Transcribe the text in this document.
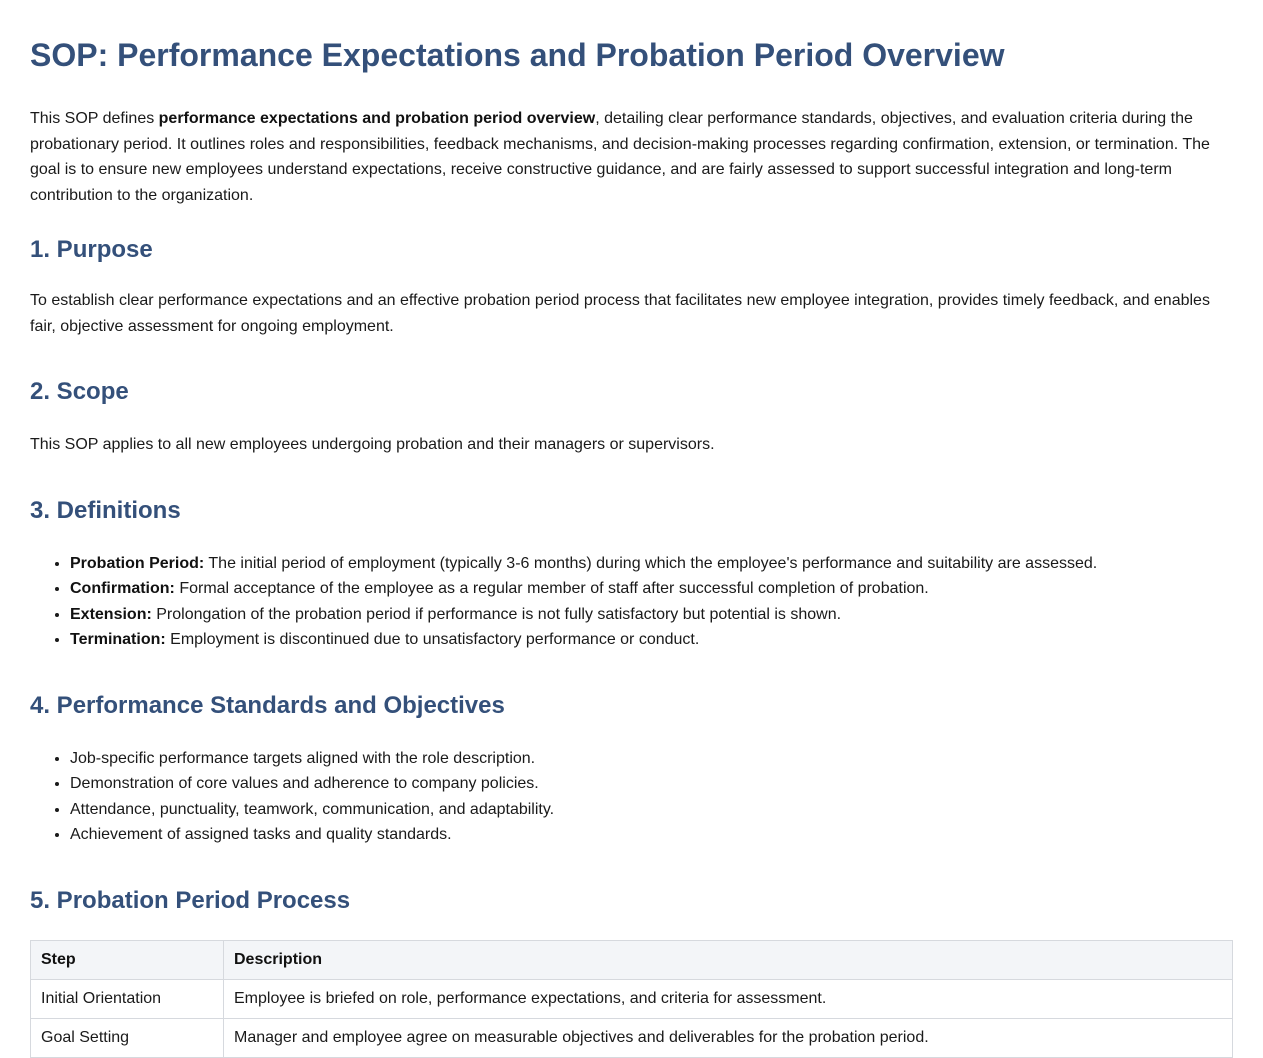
SOP: Performance Expectations and Probation Period Overview

This SOP defines performance expectations and probation period overview, detailing clear performance standards, objectives, and evaluation criteria during the probationary period. It outlines roles and responsibilities, feedback mechanisms, and decision-making processes regarding confirmation, extension, or termination. The goal is to ensure new employees understand expectations, receive constructive guidance, and are fairly assessed to support successful integration and long-term contribution to the organization.

1. Purpose

To establish clear performance expectations and an effective probation period process that facilitates new employee integration, provides timely feedback, and enables fair, objective assessment for ongoing employment.

2. Scope

This SOP applies to all new employees undergoing probation and their managers or supervisors.

3. Definitions
• Probation Period: The initial period of employment (typically 3-6 months) during which the employee's performance and suitability are assessed.
• Confirmation: Formal acceptance of the employee as a regular member of staff after successful completion of probation.
• Extension: Prolongation of the probation period if performance is not fully satisfactory but potential is shown.
• Termination: Employment is discontinued due to unsatisfactory performance or conduct.
4. Performance Standards and Objectives
• Job-specific performance targets aligned with the role description.
• Demonstration of core values and adherence to company policies.
• Attendance, punctuality, teamwork, communication, and adaptability.
• Achievement of assigned tasks and quality standards.
5. Probation Period Process
Step	Description
Initial Orientation	Employee is briefed on role, performance expectations, and criteria for assessment.
Goal Setting	Manager and employee agree on measurable objectives and deliverables for the probation period.
